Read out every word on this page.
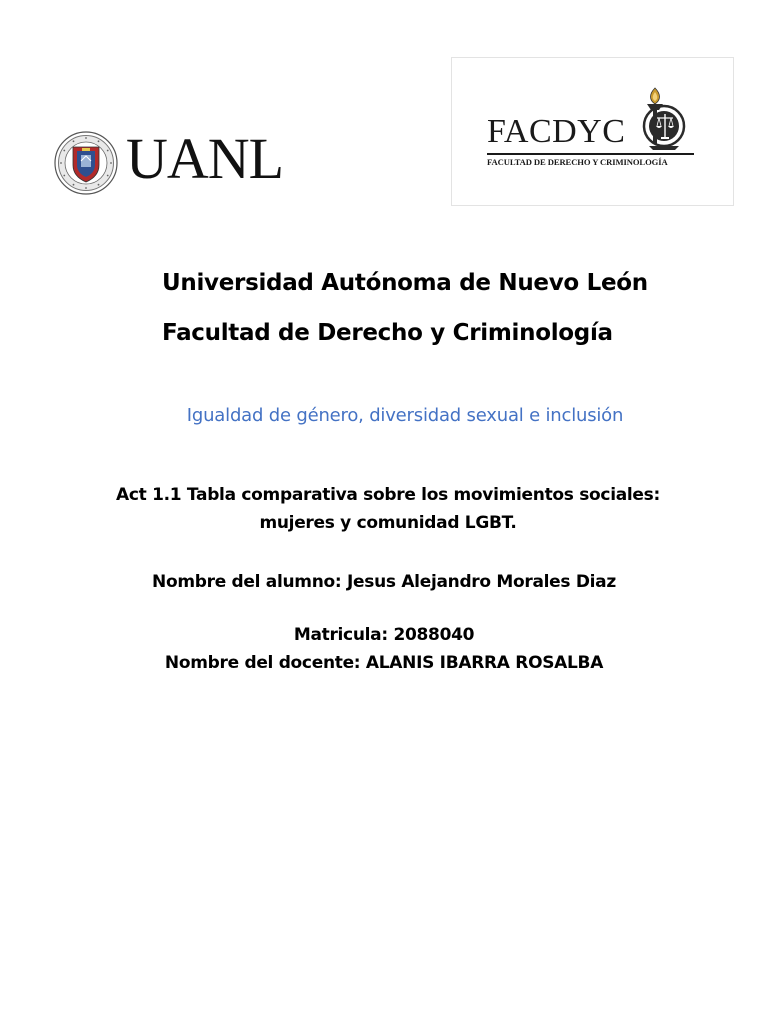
UANL	FACDYC
FACULTAD DE DERECHO Y CRIMINOLOGÍA
Universidad Autónoma de Nuevo León
Facultad de Derecho y Criminología
Igualdad de género, diversidad sexual e inclusión
Act 1.1 Tabla comparativa sobre los movimientos sociales:
mujeres y comunidad LGBT.
Nombre del alumno: Jesus Alejandro Morales Diaz
Matricula: 2088040
Nombre del docente: ALANIS IBARRA ROSALBA
